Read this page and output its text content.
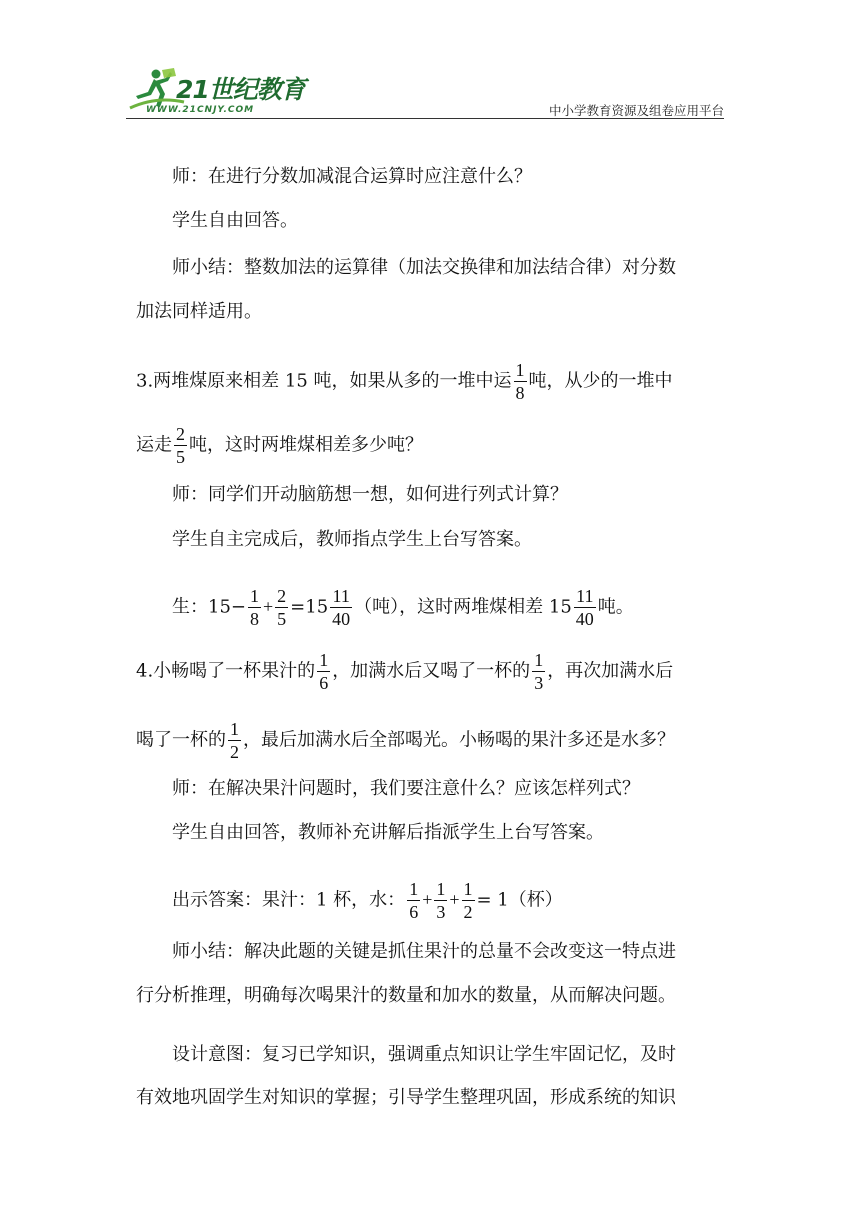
21世纪教育
WWW.21CNJY.COM	中小学教育资源及组卷应用平台
师：在进行分数加减混合运算时应注意什么？
学生自由回答。
师小结：整数加法的运算律（加法交换律和加法结合律）对分数
加法同样适用。
3.两堆煤原来相差 15 吨，如果从多的一堆中运 $\frac{1}{8}$ 吨，从少的一堆中
运走 $\frac{2}{5}$ 吨，这时两堆煤相差多少吨？
师：同学们开动脑筋想一想，如何进行列式计算？
学生自主完成后，教师指点学生上台写答案。
生：$15- \frac{1}{8} + \frac{2}{5} =15 \frac{11}{40}$ （吨），这时两堆煤相差 $15 \frac{11}{40}$ 吨。
4.小畅喝了一杯果汁的 $\frac{1}{6}$ ，加满水后又喝了一杯的 $\frac{1}{3}$ ，再次加满水后
喝了一杯的 $\frac{1}{2}$ ，最后加满水后全部喝光。小畅喝的果汁多还是水多？
师：在解决果汁问题时，我们要注意什么？应该怎样列式？
学生自由回答，教师补充讲解后指派学生上台写答案。
出示答案：果汁：1 杯，水： $\frac{1}{6} + \frac{1}{3} + \frac{1}{2} = 1$（杯）
师小结：解决此题的关键是抓住果汁的总量不会改变这一特点进
行分析推理，明确每次喝果汁的数量和加水的数量，从而解决问题。
设计意图：复习已学知识，强调重点知识让学生牢固记忆，及时
有效地巩固学生对知识的掌握；引导学生整理巩固，形成系统的知识
